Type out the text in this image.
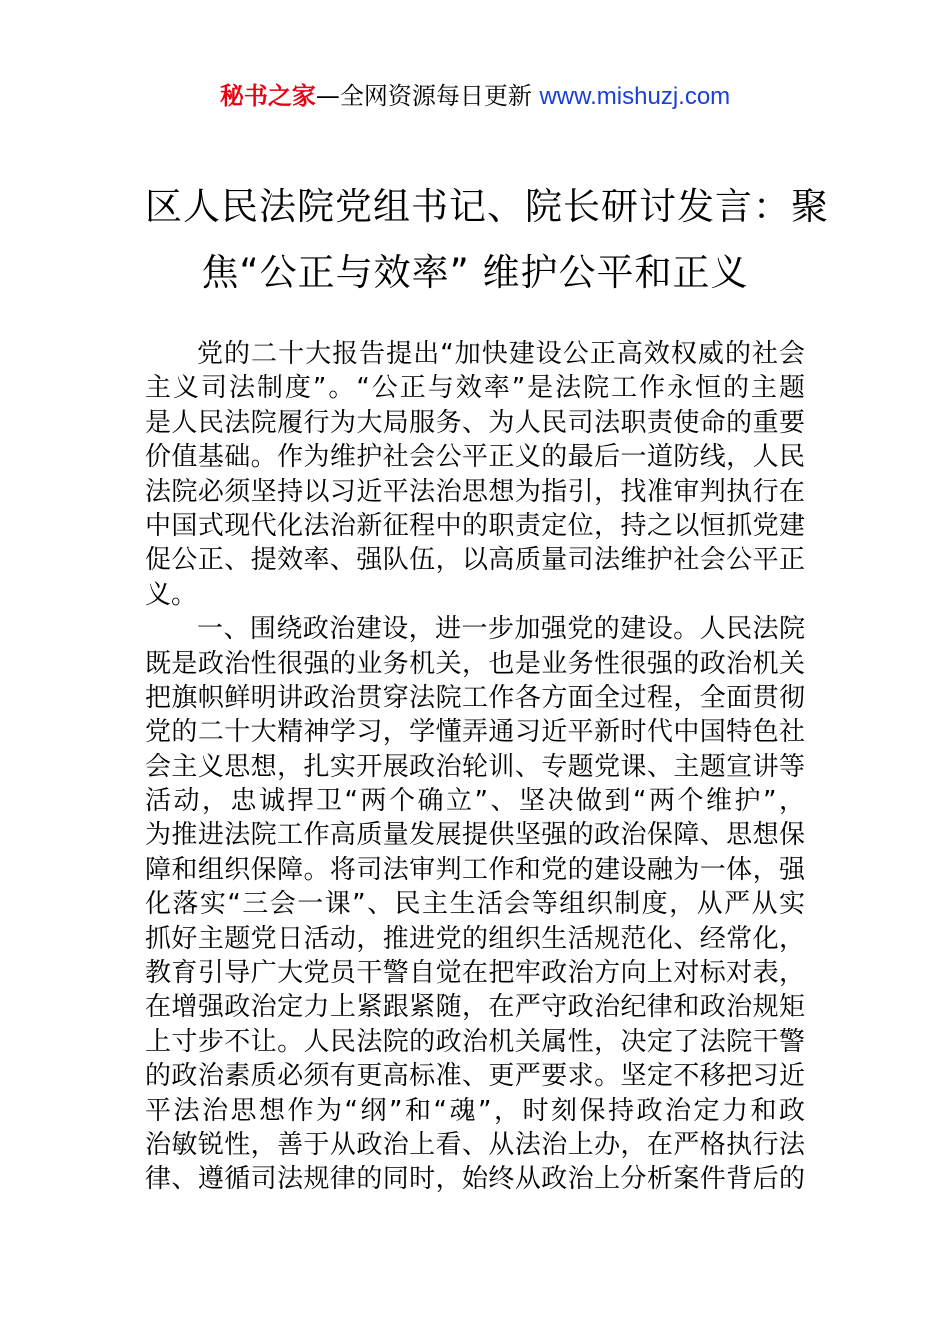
秘书之家—全网资源每日更新 www.mishuzj.com
区人民法院党组书记、院长研讨发言：聚
焦“公正与效率” 维护公平和正义
党的二十大报告提出“加快建设公正高效权威的社会
主义司法制度”。“公正与效率”是法院工作永恒的主题
是人民法院履行为大局服务、为人民司法职责使命的重要
价值基础。作为维护社会公平正义的最后一道防线，人民
法院必须坚持以习近平法治思想为指引，找准审判执行在
中国式现代化法治新征程中的职责定位，持之以恒抓党建
促公正、提效率、强队伍，以高质量司法维护社会公平正
义。
一、围绕政治建设，进一步加强党的建设。人民法院
既是政治性很强的业务机关，也是业务性很强的政治机关
把旗帜鲜明讲政治贯穿法院工作各方面全过程，全面贯彻
党的二十大精神学习，学懂弄通习近平新时代中国特色社
会主义思想，扎实开展政治轮训、专题党课、主题宣讲等
活动，忠诚捍卫“两个确立”、坚决做到“两个维护”，
为推进法院工作高质量发展提供坚强的政治保障、思想保
障和组织保障。将司法审判工作和党的建设融为一体，强
化落实“三会一课”、民主生活会等组织制度，从严从实
抓好主题党日活动，推进党的组织生活规范化、经常化，
教育引导广大党员干警自觉在把牢政治方向上对标对表，
在增强政治定力上紧跟紧随，在严守政治纪律和政治规矩
上寸步不让。人民法院的政治机关属性，决定了法院干警
的政治素质必须有更高标准、更严要求。坚定不移把习近
平法治思想作为“纲”和“魂”，时刻保持政治定力和政
治敏锐性，善于从政治上看、从法治上办，在严格执行法
律、遵循司法规律的同时，始终从政治上分析案件背后的
